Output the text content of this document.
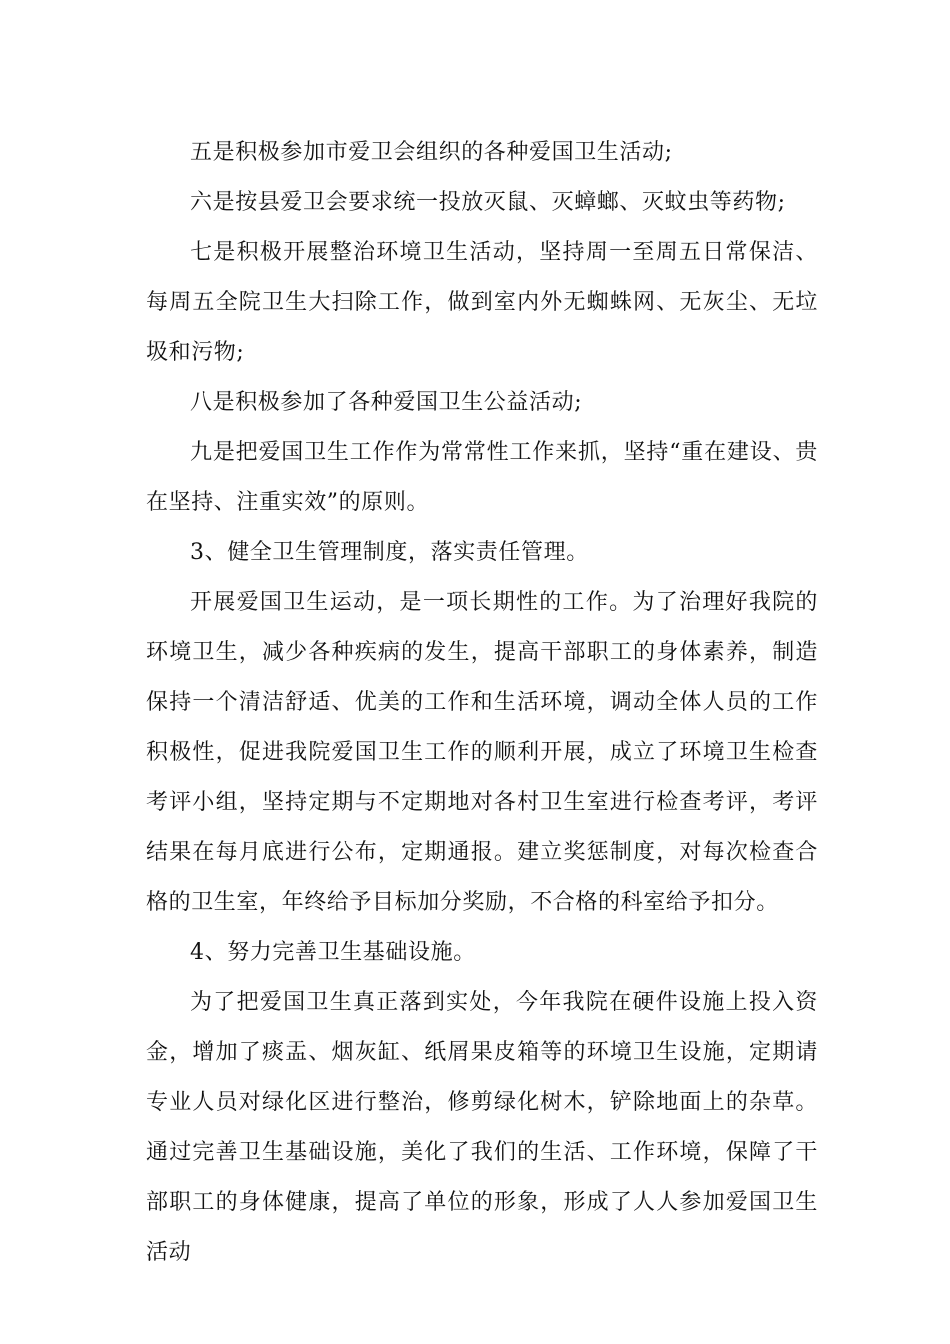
五是积极参加市爱卫会组织的各种爱国卫生活动;

六是按县爱卫会要求统一投放灭鼠、灭蟑螂、灭蚊虫等药物;

七是积极开展整治环境卫生活动，坚持周一至周五日常保洁、每周五全院卫生大扫除工作，做到室内外无蜘蛛网、无灰尘、无垃圾和污物;

八是积极参加了各种爱国卫生公益活动;

九是把爱国卫生工作作为常常性工作来抓，坚持“重在建设、贵在坚持、注重实效”的原则。

3、健全卫生管理制度，落实责任管理。

开展爱国卫生运动，是一项长期性的工作。为了治理好我院的环境卫生，减少各种疾病的发生，提高干部职工的身体素养，制造保持一个清洁舒适、优美的工作和生活环境，调动全体人员的工作积极性，促进我院爱国卫生工作的顺利开展，成立了环境卫生检查考评小组，坚持定期与不定期地对各村卫生室进行检查考评，考评结果在每月底进行公布，定期通报。建立奖惩制度，对每次检查合格的卫生室，年终给予目标加分奖励，不合格的科室给予扣分。

4、努力完善卫生基础设施。

为了把爱国卫生真正落到实处，今年我院在硬件设施上投入资金，增加了痰盂、烟灰缸、纸屑果皮箱等的环境卫生设施，定期请专业人员对绿化区进行整治，修剪绿化树木，铲除地面上的杂草。通过完善卫生基础设施，美化了我们的生活、工作环境，保障了干部职工的身体健康，提高了单位的形象，形成了人人参加爱国卫生活动
